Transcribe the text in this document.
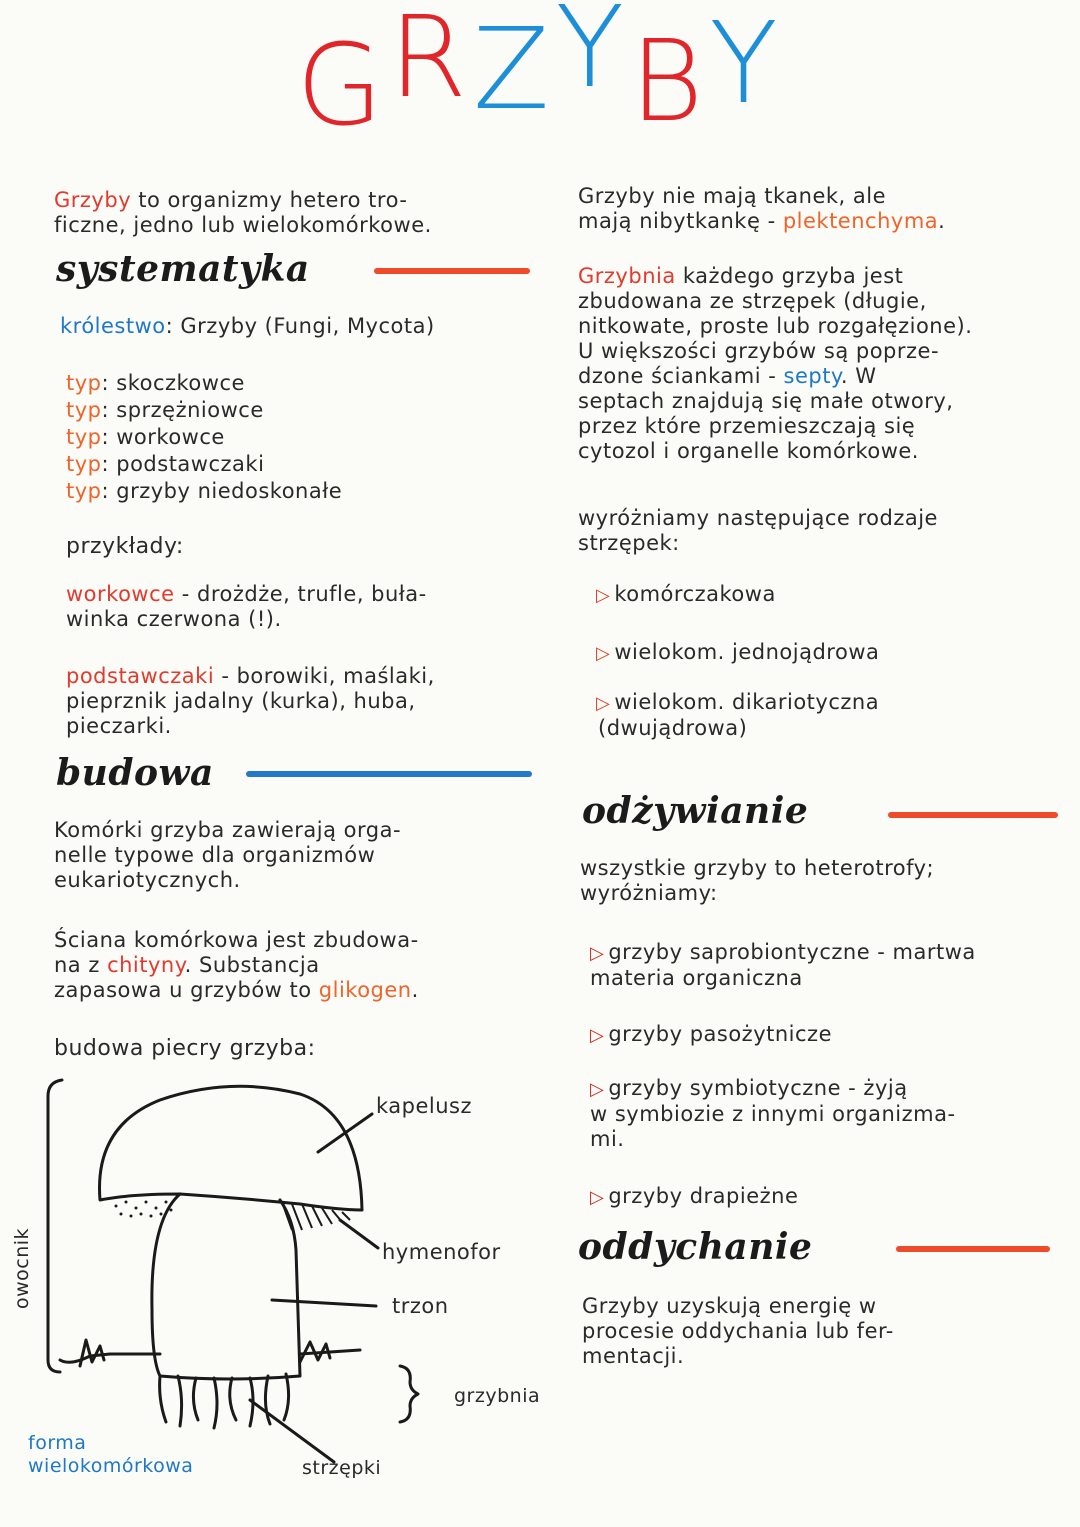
GRZYBY

Grzyby to organizmy hetero tro-

ficzne, jedno lub wielokomórkowe.

systematyka
królestwo: Grzyby (Fungi, Mycota)

typ: skoczkowce

typ: sprzężniowce

typ: workowce

typ: podstawczaki

typ: grzyby niedoskonałe

przykłady:

workowce - drożdże, trufle, buła-

winka czerwona (!).

podstawczaki - borowiki, maślaki,

pieprznik jadalny (kurka), huba,

pieczarki.

budowa

Komórki grzyba zawierają orga-

nelle typowe dla organizmów

eukariotycznych.

Ściana komórkowa jest zbudowa-

na z chityny. Substancja

zapasowa u grzybów to glikogen.

budowa piecry grzyba:
kapelusz
hymenofor
trzon
grzybnia
strzępki
owocnik

forma

wielokomórkowa

Grzyby nie mają tkanek, ale

mają nibytkankę - plektenchyma.

Grzybnia każdego grzyba jest

zbudowana ze strzępek (długie,

nitkowate, proste lub rozgałęzione).

U większości grzybów są poprze-

dzone ściankami - septy. W

septach znajdują się małe otwory,

przez które przemieszczają się

cytozol i organelle komórkowe.

wyróżniamy następujące rodzaje

strzępek:

▷ komórczakowa

▷ wielokom. jednojądrowa

▷ wielokom. dikariotyczna

(dwujądrowa)

odżywianie

wszystkie grzyby to heterotrofy;

wyróżniamy:

▷ grzyby saprobiontyczne - martwa

materia organiczna

▷ grzyby pasożytnicze

▷ grzyby symbiotyczne - żyją

w symbiozie z innymi organizma-

mi.

▷ grzyby drapieżne

oddychanie

Grzyby uzyskują energię w

procesie oddychania lub fer-

mentacji.
